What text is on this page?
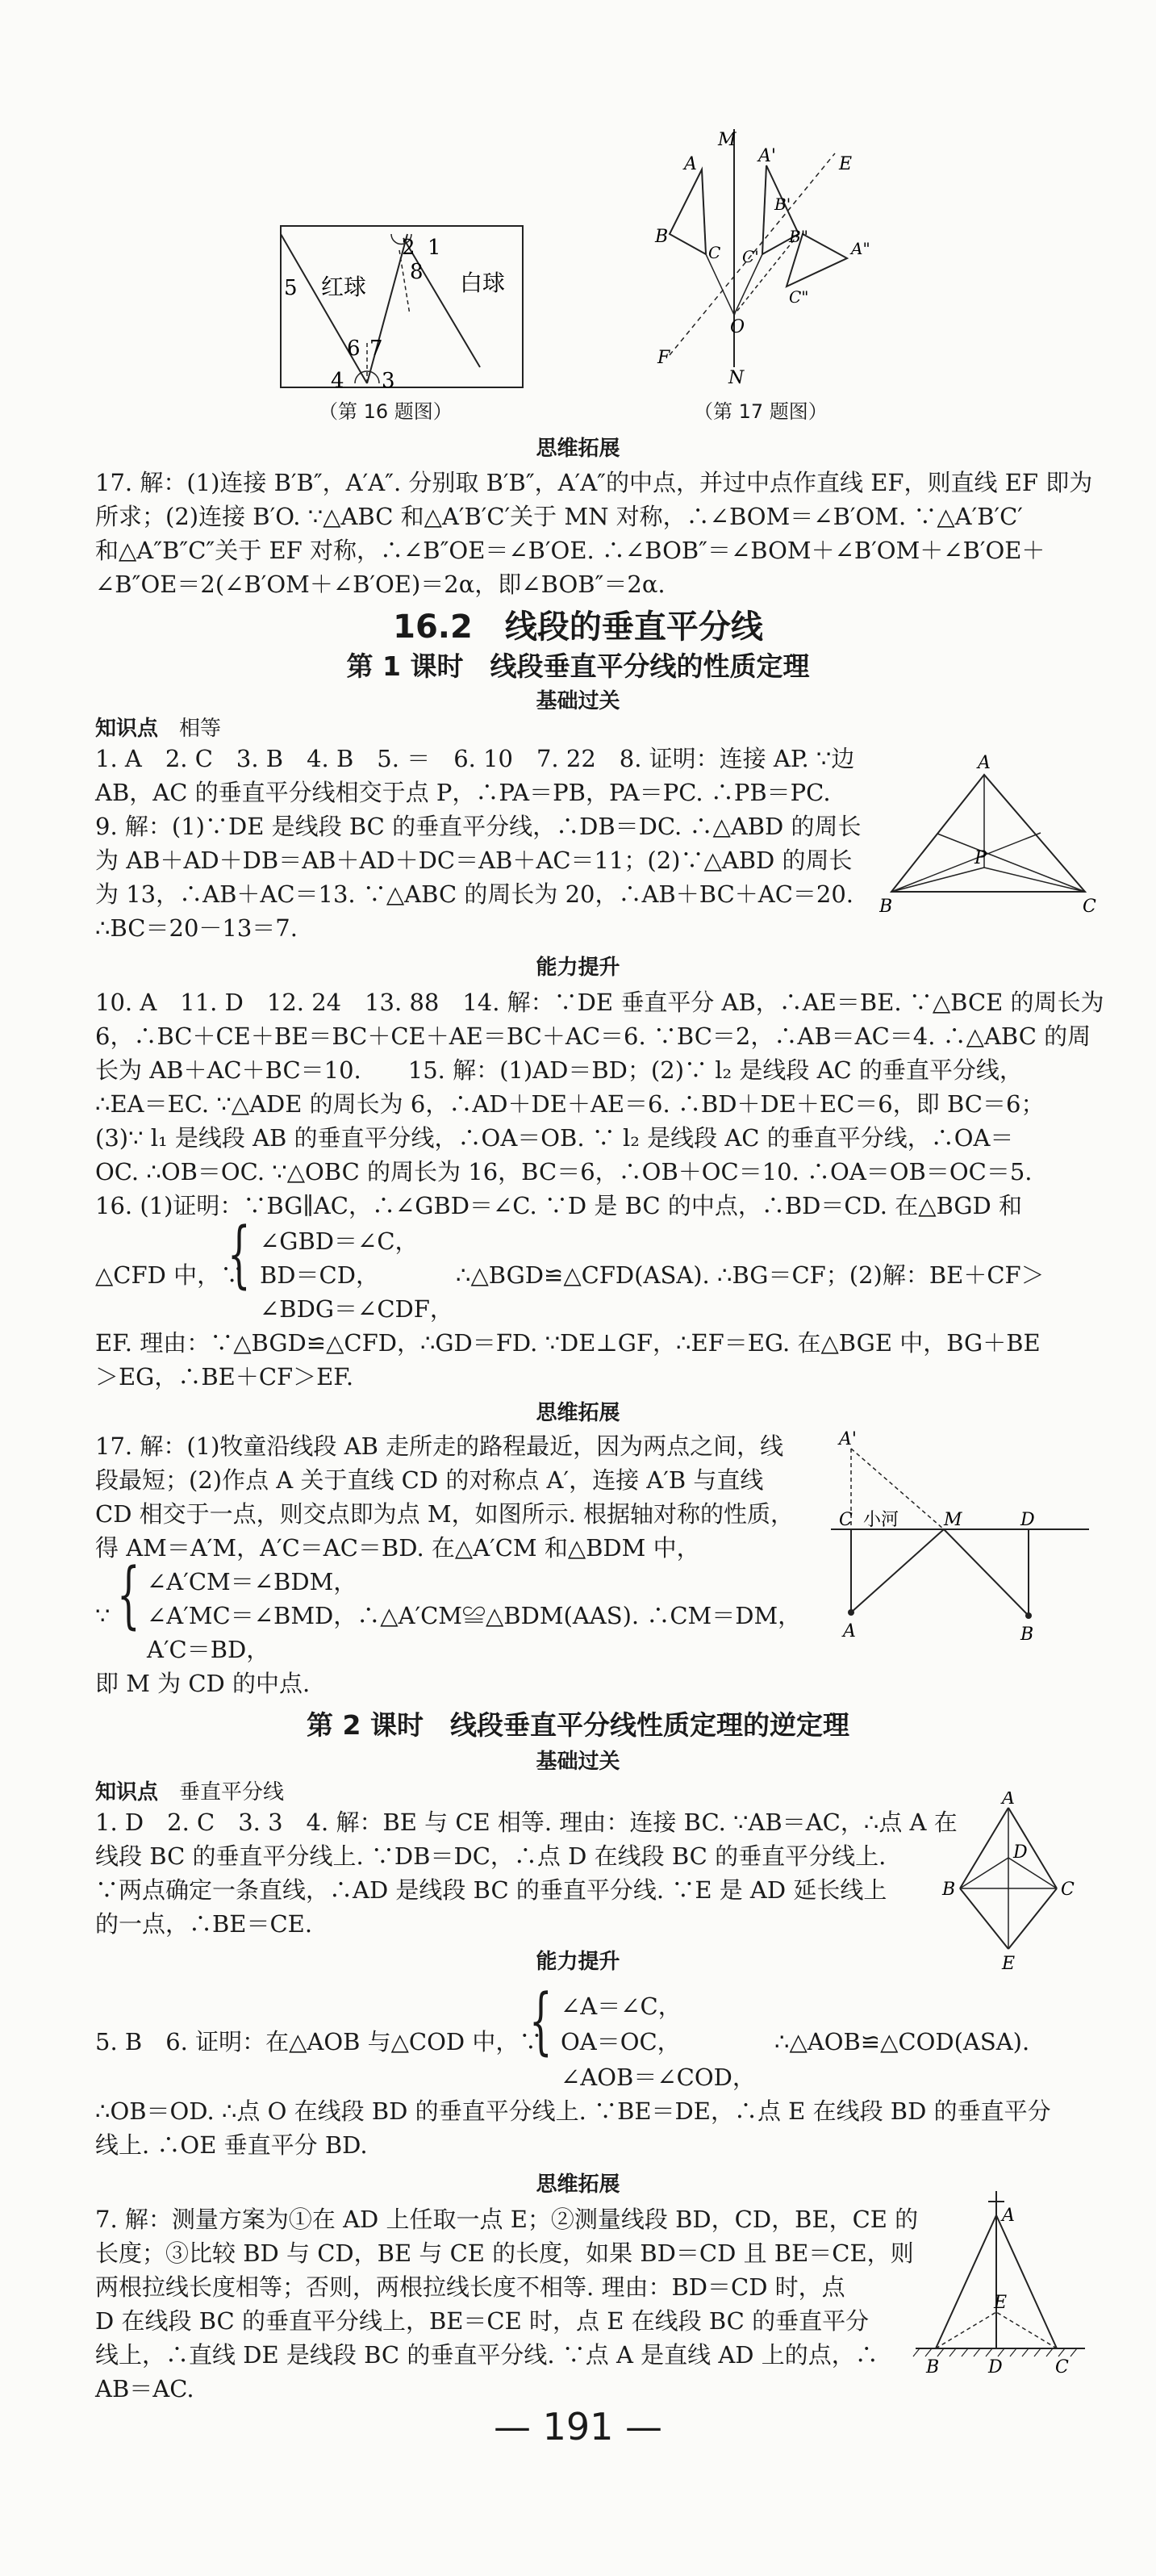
2 1
5 红球
8 白球
6 7
4 3
（第 16 题图）
M
A	A'	E
B
B'
C C'
B"
A"
C"
O
F
N
（第 17 题图）
思维拓展
17. 解：(1)连接 B′B″，A′A″. 分别取 B′B″，A′A″的中点，并过中点作直线 EF，则直线 EF 即为
所求；(2)连接 B′O. ∵△ABC 和△A′B′C′关于 MN 对称，∴∠BOM＝∠B′OM. ∵△A′B′C′
和△A″B″C″关于 EF 对称，∴∠B″OE＝∠B′OE. ∴∠BOB″＝∠BOM＋∠B′OM＋∠B′OE＋
∠B″OE＝2(∠B′OM＋∠B′OE)＝2α，即∠BOB″＝2α.
16.2　线段的垂直平分线
第 1 课时　线段垂直平分线的性质定理
基础过关
知识点　 相等
1. A　2. C　3. B　4. B　5. ＝　6. 10　7. 22　8. 证明：连接 AP. ∵边
AB，AC 的垂直平分线相交于点 P，∴PA＝PB，PA＝PC. ∴PB＝PC.
9. 解：(1)∵DE 是线段 BC 的垂直平分线，∴DB＝DC. ∴△ABD 的周长
为 AB＋AD＋DB＝AB＋AD＋DC＝AB＋AC＝11；(2)∵△ABD 的周长
为 13，∴AB＋AC＝13. ∵△ABC 的周长为 20，∴AB＋BC＋AC＝20.
∴BC＝20－13＝7.
A
P
B	C
能力提升
10. A　11. D　12. 24　13. 88　14. 解：∵DE 垂直平分 AB，∴AE＝BE. ∵△BCE 的周长为
6，∴BC＋CE＋BE＝BC＋CE＋AE＝BC＋AC＝6. ∵BC＝2，∴AB＝AC＝4. ∴△ABC 的周
长为 AB＋AC＋BC＝10.　　15. 解：(1)AD＝BD；(2)∵ l₂ 是线段 AC 的垂直平分线，
∴EA＝EC. ∵△ADE 的周长为 6，∴AD＋DE＋AE＝6. ∴BD＋DE＋EC＝6，即 BC＝6；
(3)∵ l₁ 是线段 AB 的垂直平分线，∴OA＝OB. ∵ l₂ 是线段 AC 的垂直平分线，∴OA＝
OC. ∴OB＝OC. ∵△OBC 的周长为 16，BC＝6，∴OB＋OC＝10. ∴OA＝OB＝OC＝5.
16. (1)证明：∵BG∥AC，∴∠GBD＝∠C. ∵D 是 BC 的中点，∴BD＝CD. 在△BGD 和
△CFD 中，∵
{ ∠GBD＝∠C，
BD＝CD，
∠BDG＝∠CDF，
∴△BGD≌△CFD(ASA). ∴BG＝CF；(2)解：BE＋CF＞
EF. 理由：∵△BGD≌△CFD，∴GD＝FD. ∵DE⊥GF，∴EF＝EG. 在△BGE 中，BG＋BE
＞EG，∴BE＋CF＞EF.
思维拓展
17. 解：(1)牧童沿线段 AB 走所走的路程最近，因为两点之间，线
段最短；(2)作点 A 关于直线 CD 的对称点 A′，连接 A′B 与直线
CD 相交于一点，则交点即为点 M，如图所示. 根据轴对称的性质，
得 AM＝A′M，A′C＝AC＝BD. 在△A′CM 和△BDM 中，
∵ { ∠A′CM＝∠BDM，
∠A′MC＝∠BMD，∴△A′CM≌△BDM(AAS). ∴CM＝DM，
A′C＝BD，
即 M 为 CD 的中点.
A'
C 小河	M	D
A	B
第 2 课时　线段垂直平分线性质定理的逆定理
基础过关
知识点　 垂直平分线
1. D　2. C　3. 3　4. 解：BE 与 CE 相等. 理由：连接 BC. ∵AB＝AC，∴点 A 在
线段 BC 的垂直平分线上. ∵DB＝DC，∴点 D 在线段 BC 的垂直平分线上.
∵两点确定一条直线，∴AD 是线段 BC 的垂直平分线. ∵E 是 AD 延长线上
的一点，∴BE＝CE.
A
D
B	C
E
能力提升
5. B　6. 证明：在△AOB 与△COD 中，∵
{ ∠A＝∠C，
OA＝OC，
∠AOB＝∠COD，
∴△AOB≌△COD(ASA).
∴OB＝OD. ∴点 O 在线段 BD 的垂直平分线上. ∵BE＝DE，∴点 E 在线段 BD 的垂直平分
线上. ∴OE 垂直平分 BD.
思维拓展
7. 解：测量方案为①在 AD 上任取一点 E；②测量线段 BD，CD，BE，CE 的
长度；③比较 BD 与 CD，BE 与 CE 的长度，如果 BD＝CD 且 BE＝CE，则
两根拉线长度相等；否则，两根拉线长度不相等. 理由：BD＝CD 时，点
D 在线段 BC 的垂直平分线上，BE＝CE 时，点 E 在线段 BC 的垂直平分
线上，∴直线 DE 是线段 BC 的垂直平分线. ∵点 A 是直线 AD 上的点，∴
AB＝AC.
A
E
B	D	C
— 191 —
